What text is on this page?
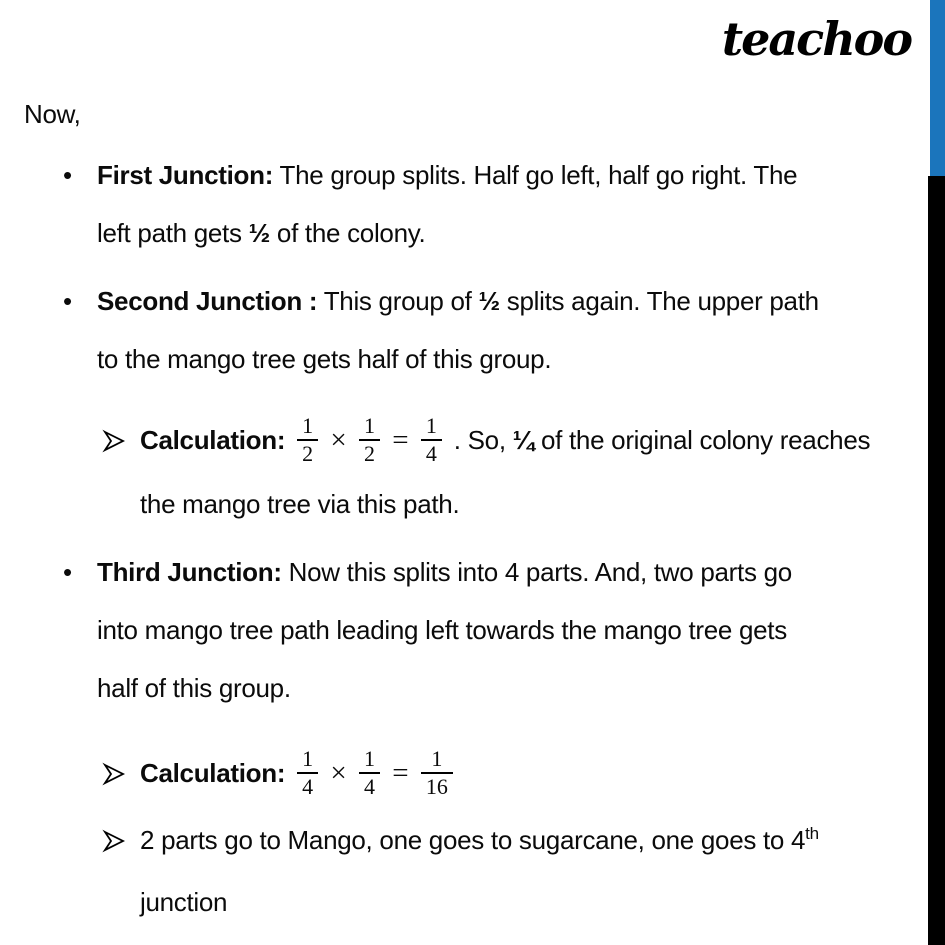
teachoo
Now,
• First Junction: The group splits. Half go left, half go right. The
left path gets ½ of the colony.
• Second Junction : This group of ½ splits again. The upper path
to the mango tree gets half of this group.
Calculation: $\frac{1}{2} \times \frac{1}{2} = \frac{1}{4}$ . So, ¼ of the original colony reaches
the mango tree via this path.
• Third Junction: Now this splits into 4 parts. And, two parts go
into mango tree path leading left towards the mango tree gets
half of this group.
Calculation: $\frac{1}{4} \times \frac{1}{4} = \frac{1}{16}$
2 parts go to Mango, one goes to sugarcane, one goes to 4th
junction
